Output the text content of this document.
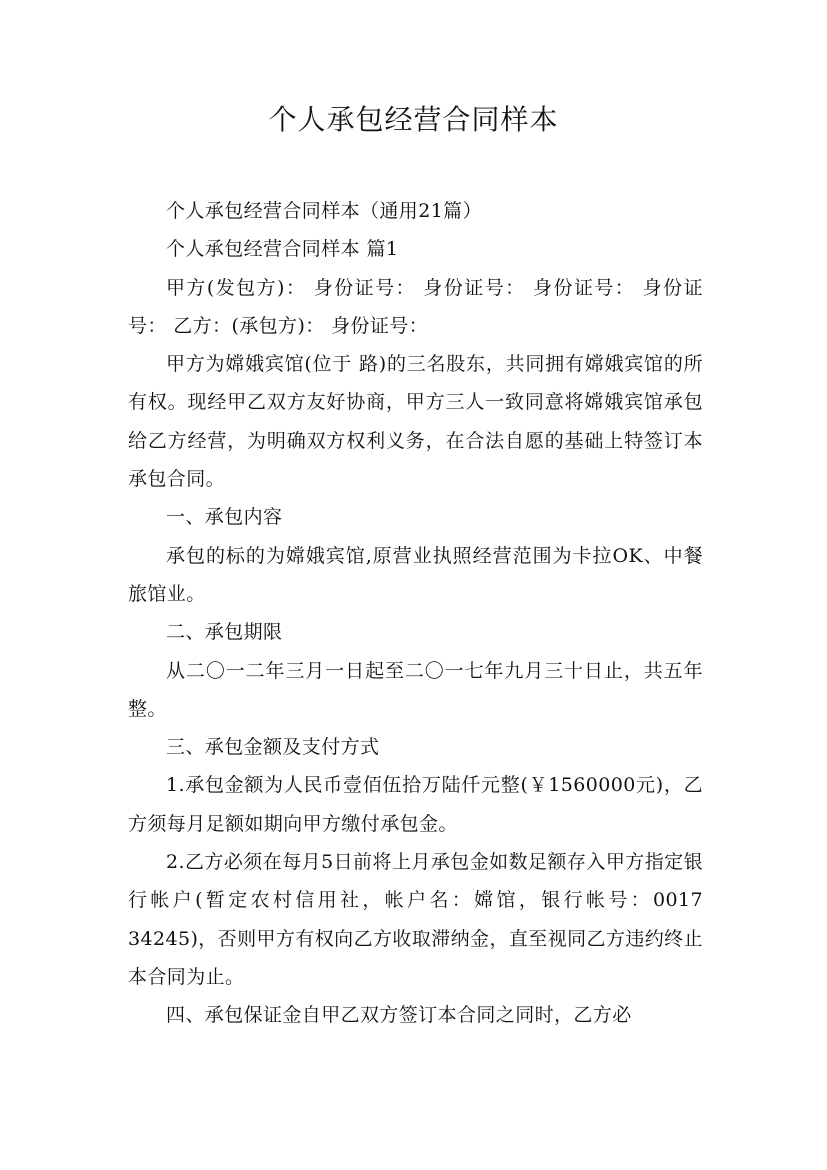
个人承包经营合同样本

个人承包经营合同样本（通用21篇）

个人承包经营合同样本 篇1

甲方(发包方)： 身份证号： 身份证号： 身份证号： 身份证号： 乙方：(承包方)： 身份证号：

甲方为嫦娥宾馆(位于 路)的三名股东，共同拥有嫦娥宾馆的所有权。现经甲乙双方友好协商，甲方三人一致同意将嫦娥宾馆承包给乙方经营，为明确双方权利义务，在合法自愿的基础上特签订本承包合同。

一、承包内容

承包的标的为嫦娥宾馆,原营业执照经营范围为卡拉OK、中餐旅馆业。

二、承包期限

从二〇一二年三月一日起至二〇一七年九月三十日止，共五年整。

三、承包金额及支付方式

1.承包金额为人民币壹佰伍拾万陆仟元整(￥1560000元)，乙方须每月足额如期向甲方缴付承包金。

2.乙方必须在每月5日前将上月承包金如数足额存入甲方指定银行帐户(暂定农村信用社，帐户名：嫦馆，银行帐号：0017 34245)，否则甲方有权向乙方收取滞纳金，直至视同乙方违约终止本合同为止。

四、承包保证金自甲乙双方签订本合同之同时，乙方必
